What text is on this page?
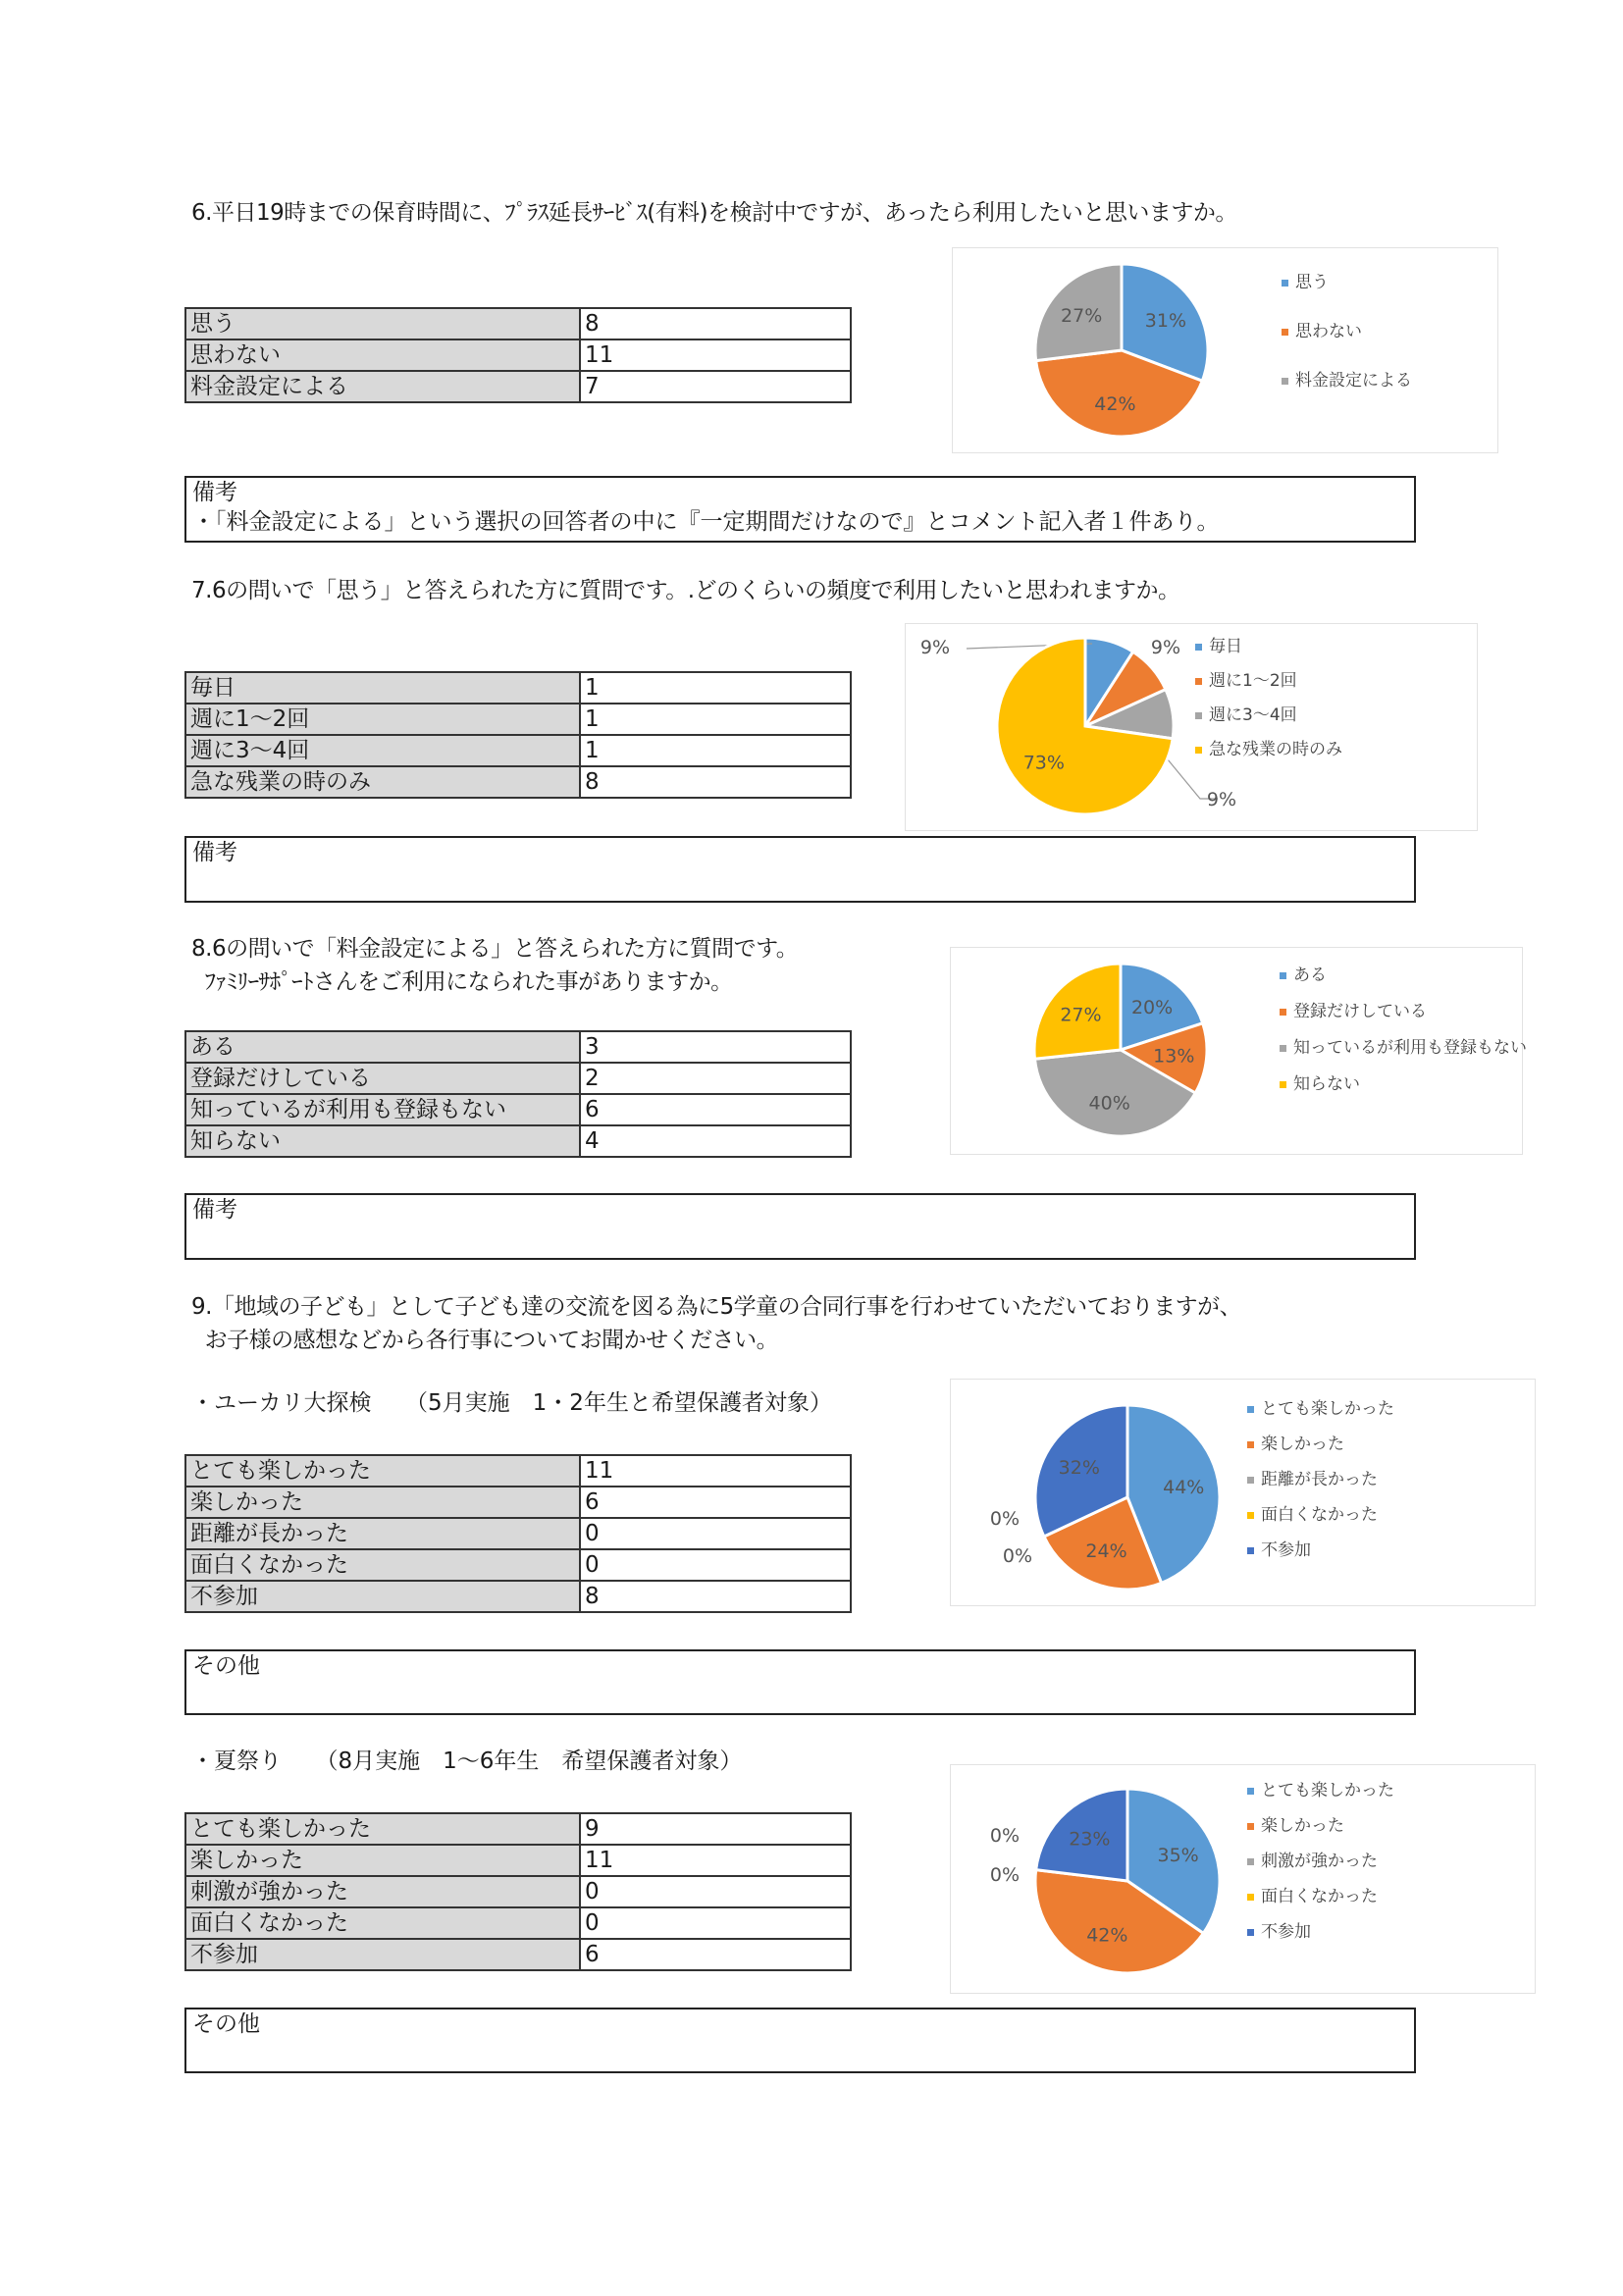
6.平日19時までの保育時間に、ﾌﾟﾗｽ延長ｻｰﾋﾞｽ(有料)を検討中ですが、あったら利用したいと思いますか。
思う	8
思わない	11
料金設定による	7
31%
42%
27%
思う
思わない
料金設定による
備考
・「料金設定による」という選択の回答者の中に『一定期間だけなので』とコメント記入者１件あり。
7.6の問いで「思う」と答えられた方に質問です。.どのくらいの頻度で利用したいと思われますか。
毎日	1
週に1～2回	1
週に3～4回	1
急な残業の時のみ	8
9%	9%
9%
73%
毎日
週に1～2回
週に3～4回
急な残業の時のみ
備考
8.6の問いで「料金設定による」と答えられた方に質問です。
ﾌｧﾐﾘｰｻﾎﾟｰﾄさんをご利用になられた事がありますか。
ある	3
登録だけしている	2
知っているが利用も登録もない	6
知らない	4
20%
13%
40%
27%
ある
登録だけしている
知っているが利用も登録もない
知らない
備考
9.「地域の子ども」として子ども達の交流を図る為に5学童の合同行事を行わせていただいておりますが、
お子様の感想などから各行事についてお聞かせください。
・ユーカリ大探検　　（5月実施　1・2年生と希望保護者対象）
とても楽しかった	11
楽しかった	6
距離が長かった	0
面白くなかった	0
不参加	8
44%
24%
0%
0%
32%
とても楽しかった
楽しかった
距離が長かった
面白くなかった
不参加
その他
・夏祭り　　（8月実施　1～6年生　希望保護者対象）
とても楽しかった	9
楽しかった	11
刺激が強かった	0
面白くなかった	0
不参加	6
35%
42%
0%
0%
23%
とても楽しかった
楽しかった
刺激が強かった
面白くなかった
不参加
その他
